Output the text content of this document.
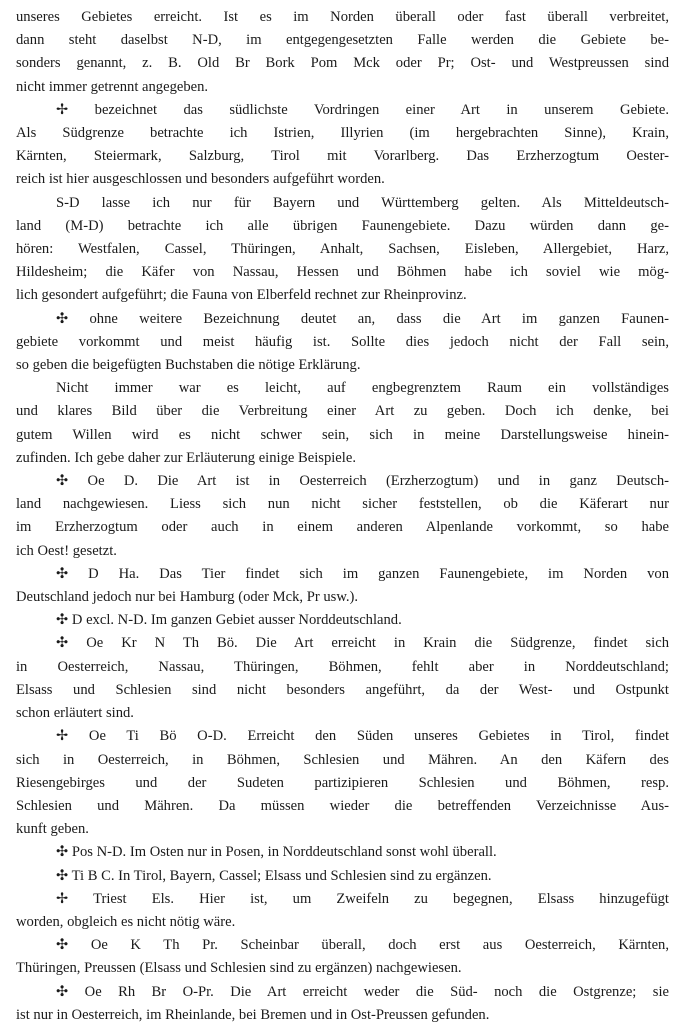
unseres Gebietes erreicht. Ist es im Norden überall oder fast überall verbreitet,
dann steht daselbst N-D, im entgegengesetzten Falle werden die Gebiete be-
sonders genannt, z. B. Old Br Bork Pom Mck oder Pr; Ost- und Westpreussen sind
nicht immer getrennt angegeben.
✢ bezeichnet das südlichste Vordringen einer Art in unserem Gebiete.
Als Südgrenze betrachte ich Istrien, Illyrien (im hergebrachten Sinne), Krain,
Kärnten, Steiermark, Salzburg, Tirol mit Vorarlberg. Das Erzherzogtum Oester-
reich ist hier ausgeschlossen und besonders aufgeführt worden.
S-D lasse ich nur für Bayern und Württemberg gelten. Als Mitteldeutsch-
land (M-D) betrachte ich alle übrigen Faunengebiete. Dazu würden dann ge-
hören: Westfalen, Cassel, Thüringen, Anhalt, Sachsen, Eisleben, Allergebiet, Harz,
Hildesheim; die Käfer von Nassau, Hessen und Böhmen habe ich soviel wie mög-
lich gesondert aufgeführt; die Fauna von Elberfeld rechnet zur Rheinprovinz.
✣ ohne weitere Bezeichnung deutet an, dass die Art im ganzen Faunen-
gebiete vorkommt und meist häufig ist. Sollte dies jedoch nicht der Fall sein,
so geben die beigefügten Buchstaben die nötige Erklärung.
Nicht immer war es leicht, auf engbegrenztem Raum ein vollständiges
und klares Bild über die Verbreitung einer Art zu geben. Doch ich denke, bei
gutem Willen wird es nicht schwer sein, sich in meine Darstellungsweise hinein-
zufinden. Ich gebe daher zur Erläuterung einige Beispiele.
✣ Oe D. Die Art ist in Oesterreich (Erzherzogtum) und in ganz Deutsch-
land nachgewiesen. Liess sich nun nicht sicher feststellen, ob die Käferart nur
im Erzherzogtum oder auch in einem anderen Alpenlande vorkommt, so habe
ich Oest! gesetzt.
✣ D Ha. Das Tier findet sich im ganzen Faunengebiete, im Norden von
Deutschland jedoch nur bei Hamburg (oder Mck, Pr usw.).
✣ D excl. N-D. Im ganzen Gebiet ausser Norddeutschland.
✣ Oe Kr N Th Bö. Die Art erreicht in Krain die Südgrenze, findet sich
in Oesterreich, Nassau, Thüringen, Böhmen, fehlt aber in Norddeutschland;
Elsass und Schlesien sind nicht besonders angeführt, da der West- und Ostpunkt
schon erläutert sind.
✢ Oe Ti Bö O-D. Erreicht den Süden unseres Gebietes in Tirol, findet
sich in Oesterreich, in Böhmen, Schlesien und Mähren. An den Käfern des
Riesengebirges und der Sudeten partizipieren Schlesien und Böhmen, resp.
Schlesien und Mähren. Da müssen wieder die betreffenden Verzeichnisse Aus-
kunft geben.
✣ Pos N-D. Im Osten nur in Posen, in Norddeutschland sonst wohl überall.
✣ Ti B C. In Tirol, Bayern, Cassel; Elsass und Schlesien sind zu ergänzen.
✢ Triest Els. Hier ist, um Zweifeln zu begegnen, Elsass hinzugefügt
worden, obgleich es nicht nötig wäre.
✣ Oe K Th Pr. Scheinbar überall, doch erst aus Oesterreich, Kärnten,
Thüringen, Preussen (Elsass und Schlesien sind zu ergänzen) nachgewiesen.
✣ Oe Rh Br O-Pr. Die Art erreicht weder die Süd- noch die Ostgrenze; sie
ist nur in Oesterreich, im Rheinlande, bei Bremen und in Ost-Preussen gefunden.
